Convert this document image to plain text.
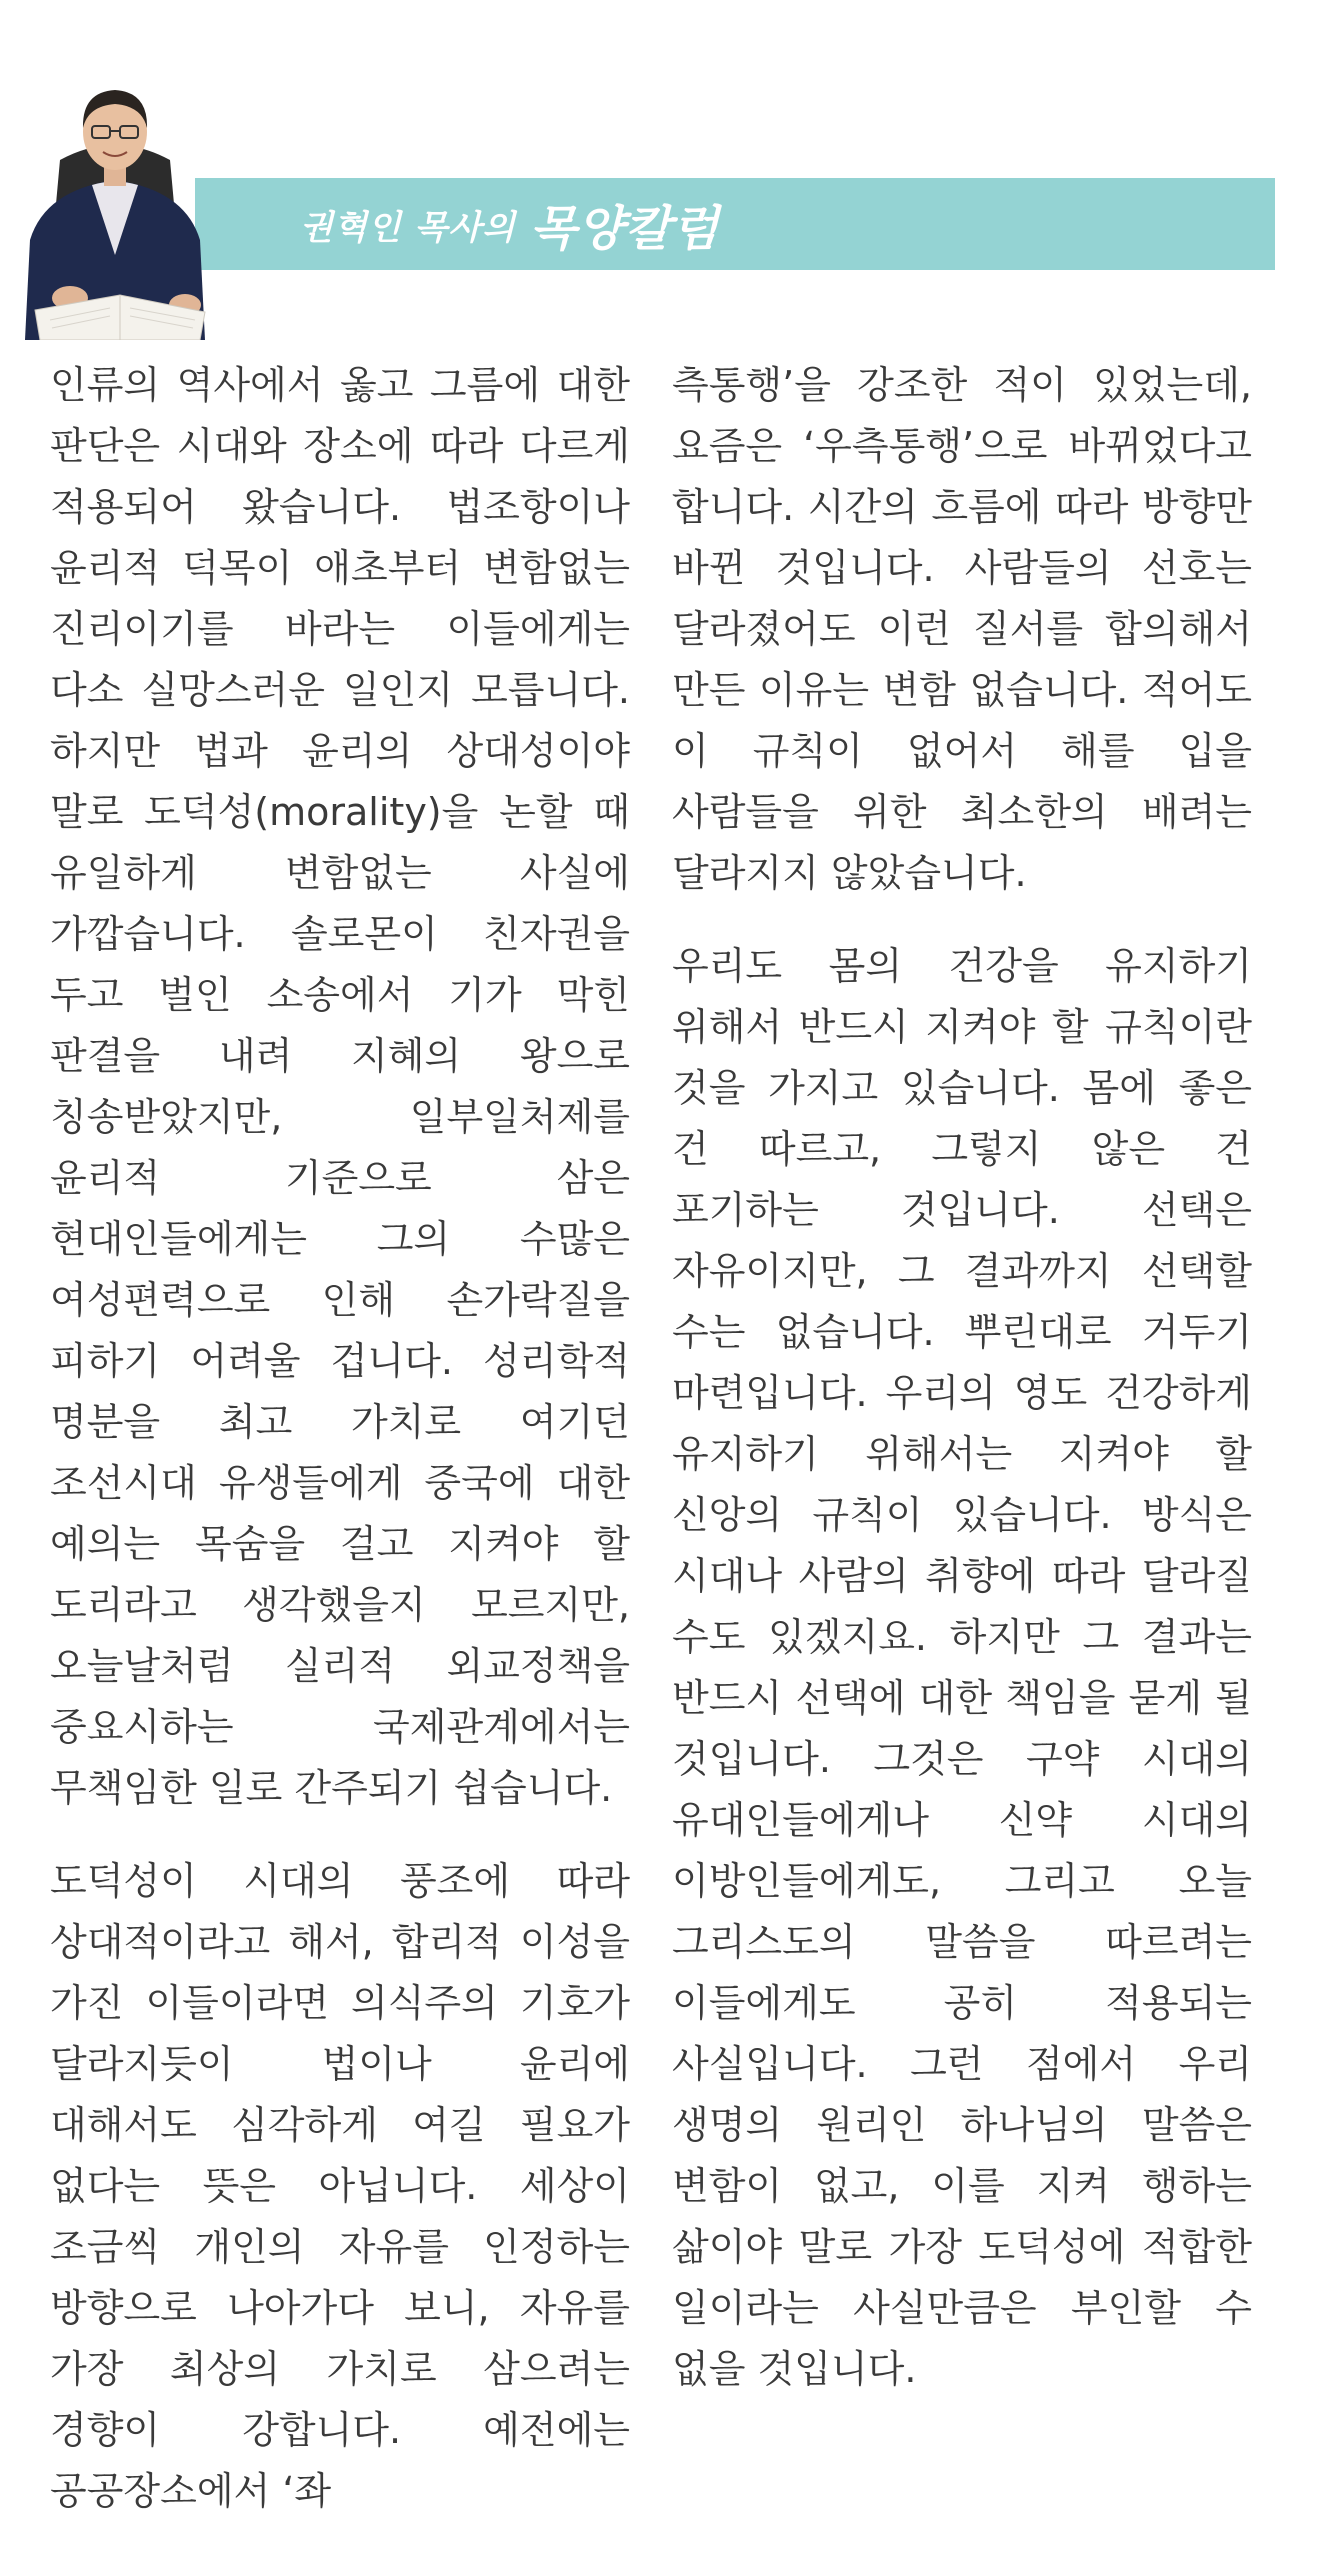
권혁인 목사의 목양칼럼

인류의 역사에서 옳고 그름에 대한 판단은 시대와 장소에 따라 다르게 적용되어 왔습니다. 법조항이나 윤리적 덕목이 애초부터 변함없는 진리이기를 바라는 이들에게는 다소 실망스러운 일인지 모릅니다. 하지만 법과 윤리의 상대성이야 말로 도덕성(morality)을 논할 때 유일하게 변함없는 사실에 가깝습니다. 솔로몬이 친자권을 두고 벌인 소송에서 기가 막힌 판결을 내려 지혜의 왕으로 칭송받았지만, 일부일처제를 윤리적 기준으로 삼은 현대인들에게는 그의 수많은 여성편력으로 인해 손가락질을 피하기 어려울 겁니다. 성리학적 명분을 최고 가치로 여기던 조선시대 유생들에게 중국에 대한 예의는 목숨을 걸고 지켜야 할 도리라고 생각했을지 모르지만, 오늘날처럼 실리적 외교정책을 중요시하는 국제관계에서는 무책임한 일로 간주되기 쉽습니다.

도덕성이 시대의 풍조에 따라 상대적이라고 해서, 합리적 이성을 가진 이들이라면 의식주의 기호가 달라지듯이 법이나 윤리에 대해서도 심각하게 여길 필요가 없다는 뜻은 아닙니다. 세상이 조금씩 개인의 자유를 인정하는 방향으로 나아가다 보니, 자유를 가장 최상의 가치로 삼으려는 경향이 강합니다. 예전에는 공공장소에서 ‘좌

측통행’을 강조한 적이 있었는데, 요즘은 ‘우측통행’으로 바뀌었다고 합니다. 시간의 흐름에 따라 방향만 바뀐 것입니다. 사람들의 선호는 달라졌어도 이런 질서를 합의해서 만든 이유는 변함 없습니다. 적어도 이 규칙이 없어서 해를 입을 사람들을 위한 최소한의 배려는 달라지지 않았습니다.

우리도 몸의 건강을 유지하기 위해서 반드시 지켜야 할 규칙이란 것을 가지고 있습니다. 몸에 좋은 건 따르고, 그렇지 않은 건 포기하는 것입니다. 선택은 자유이지만, 그 결과까지 선택할 수는 없습니다. 뿌린대로 거두기 마련입니다. 우리의 영도 건강하게 유지하기 위해서는 지켜야 할 신앙의 규칙이 있습니다. 방식은 시대나 사람의 취향에 따라 달라질 수도 있겠지요. 하지만 그 결과는 반드시 선택에 대한 책임을 묻게 될 것입니다. 그것은 구약 시대의 유대인들에게나 신약 시대의 이방인들에게도, 그리고 오늘 그리스도의 말씀을 따르려는 이들에게도 공히 적용되는 사실입니다. 그런 점에서 우리 생명의 원리인 하나님의 말씀은 변함이 없고, 이를 지켜 행하는 삶이야 말로 가장 도덕성에 적합한 일이라는 사실만큼은 부인할 수 없을 것입니다.
